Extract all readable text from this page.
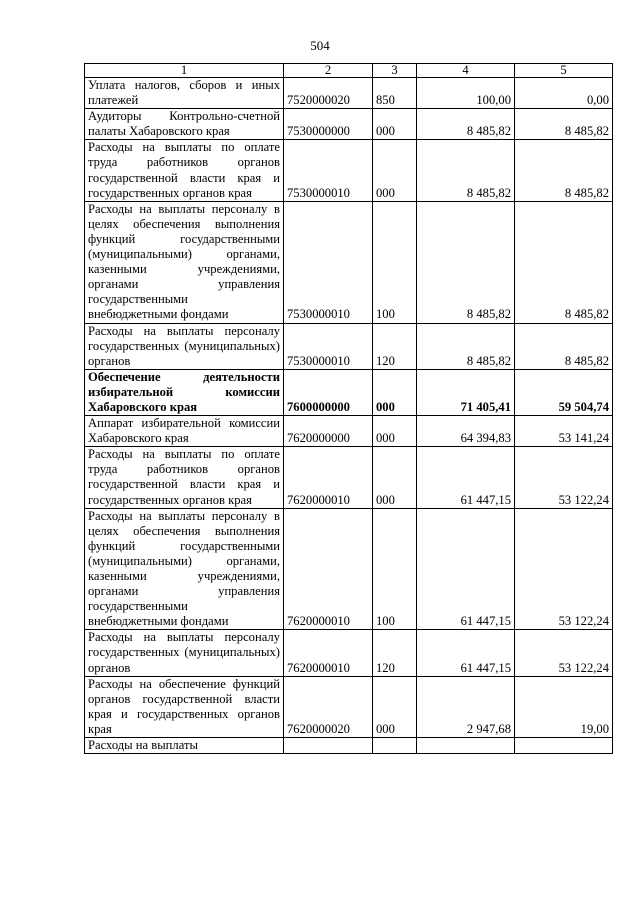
504
1	2	3	4	5
Уплата налогов, сборов и иных платежей	7520000020	850	100,00	0,00
Аудиторы Контрольно-счетной палаты Хабаровского края	7530000000	000	8 485,82	8 485,82
Расходы на выплаты по оплате труда работников органов государственной власти края и государственных органов края	7530000010	000	8 485,82	8 485,82
Расходы на выплаты персоналу в целях обеспечения выполнения функций государственными (муниципальными) органами, казенными учреждениями, органами управления государственными внебюджетными фондами	7530000010	100	8 485,82	8 485,82
Расходы на выплаты персоналу государственных (муниципальных) органов	7530000010	120	8 485,82	8 485,82
Обеспечение деятельности избирательной комиссии Хабаровского края	7600000000	000	71 405,41	59 504,74
Аппарат избирательной комиссии Хабаровского края	7620000000	000	64 394,83	53 141,24
Расходы на выплаты по оплате труда работников органов государственной власти края и государственных органов края	7620000010	000	61 447,15	53 122,24
Расходы на выплаты персоналу в целях обеспечения выполнения функций государственными (муниципальными) органами, казенными учреждениями, органами управления государственными внебюджетными фондами	7620000010	100	61 447,15	53 122,24
Расходы на выплаты персоналу государственных (муниципальных) органов	7620000010	120	61 447,15	53 122,24
Расходы на обеспечение функций органов государственной власти края и государственных органов края	7620000020	000	2 947,68	19,00
Расходы на выплаты				
